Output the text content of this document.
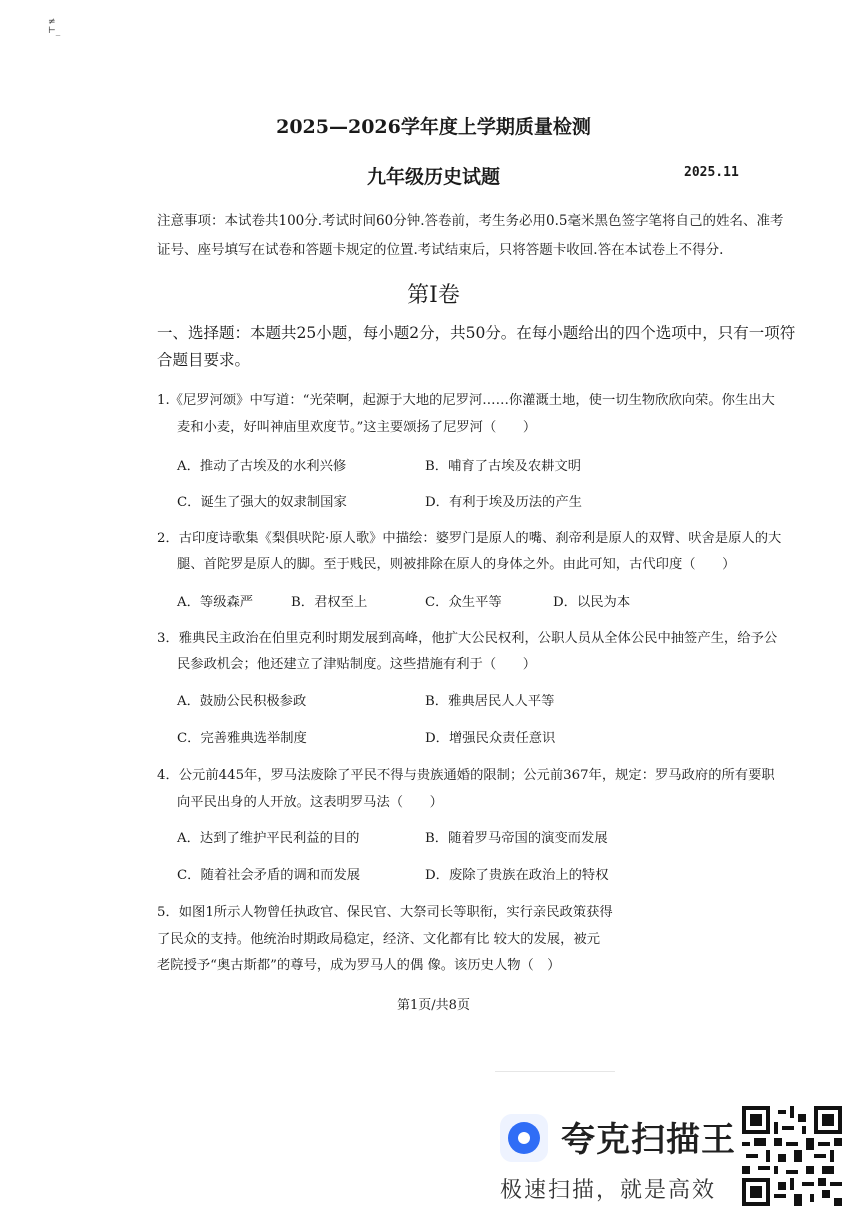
≠
⊢_
2025—2026学年度上学期质量检测
九年级历史试题	2025.11
注意事项：本试卷共100分.考试时间60分钟.答卷前，考生务必用0.5毫米黑色签字笔将自己的姓名、准考证号、座号填写在试卷和答题卡规定的位置.考试结束后，只将答题卡收回.答在本试卷上不得分.
第Ⅰ卷
一、选择题：本题共25小题，每小题2分，共50分。在每小题给出的四个选项中，只有一项符合题目要求。
1.《尼罗河颂》中写道：“光荣啊，起源于大地的尼罗河……你灌溉土地，使一切生物欣欣向荣。你生出大
麦和小麦，好叫神庙里欢度节。”这主要颂扬了尼罗河（　　）
A．推动了古埃及的水利兴修	B．哺育了古埃及农耕文明
C．诞生了强大的奴隶制国家	D．有利于埃及历法的产生
2．古印度诗歌集《梨俱吠陀·原人歌》中描绘：婆罗门是原人的嘴、刹帝利是原人的双臂、吠舍是原人的大
腿、首陀罗是原人的脚。至于贱民，则被排除在原人的身体之外。由此可知，古代印度（　　）
A．等级森严	B．君权至上	C．众生平等	D．以民为本
3．雅典民主政治在伯里克利时期发展到高峰，他扩大公民权利，公职人员从全体公民中抽签产生，给予公
民参政机会；他还建立了津贴制度。这些措施有利于（　　）
A．鼓励公民积极参政	B．雅典居民人人平等
C．完善雅典选举制度	D．增强民众责任意识
4．公元前445年，罗马法废除了平民不得与贵族通婚的限制；公元前367年，规定：罗马政府的所有要职
向平民出身的人开放。这表明罗马法（　　）
A．达到了维护平民利益的目的	B．随着罗马帝国的演变而发展
C．随着社会矛盾的调和而发展	D．废除了贵族在政治上的特权
5．如图1所示人物曾任执政官、保民官、大祭司长等职衔，实行亲民政策获得
了民众的支持。他统治时期政局稳定，经济、文化都有比 较大的发展，被元
老院授予“奥古斯都”的尊号，成为罗马人的偶 像。该历史人物（　）
第1页/共8页
夸克扫描王
极速扫描，就是高效
